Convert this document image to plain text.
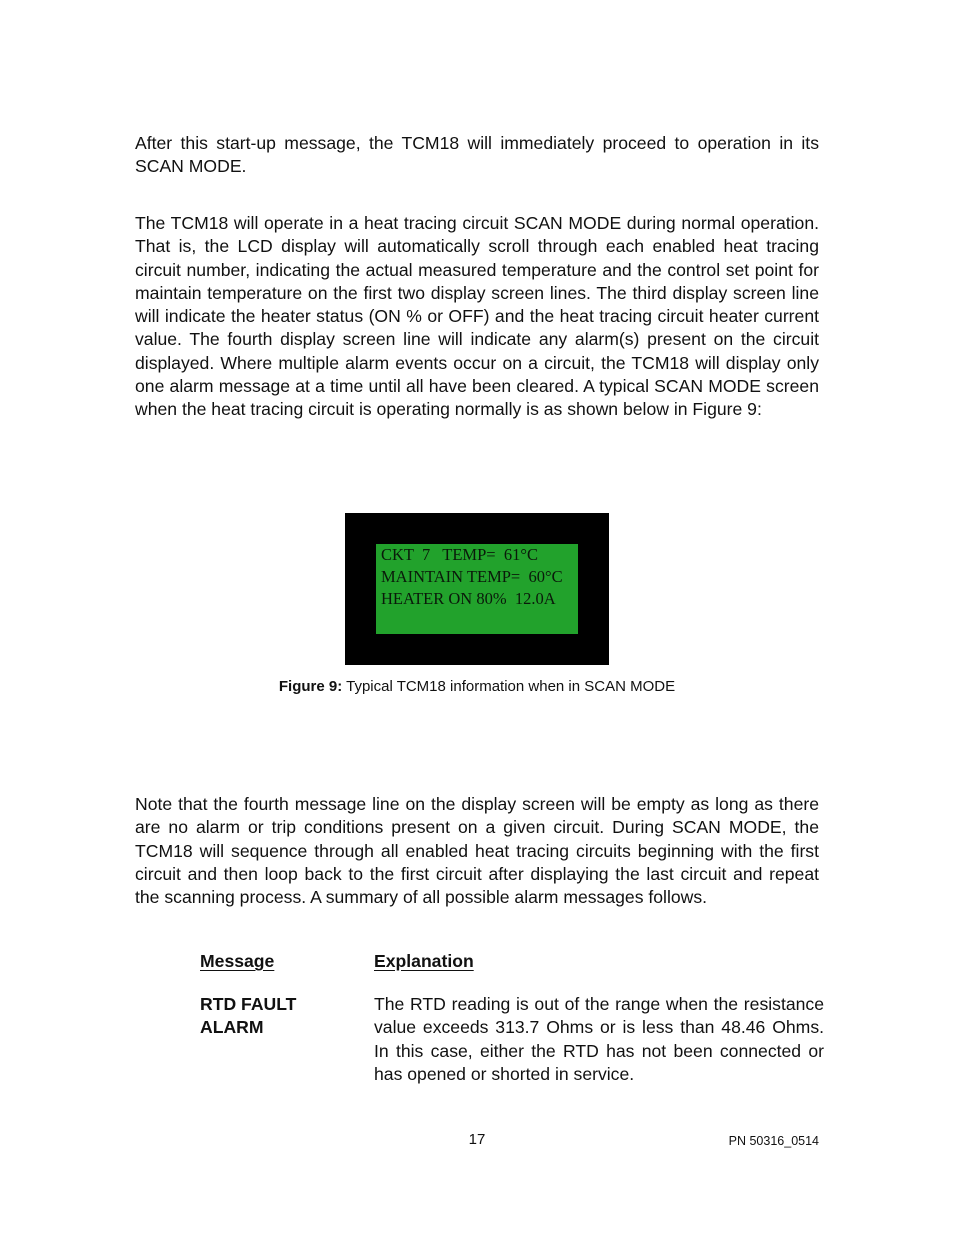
After this start-up message, the TCM18 will immediately proceed to operation in its SCAN MODE.

The TCM18 will operate in a heat tracing circuit SCAN MODE during normal operation. That is, the LCD display will automatically scroll through each enabled heat tracing circuit number, indicating the actual measured temperature and the control set point for maintain temperature on the first two display screen lines. The third display screen line will indicate the heater status (ON % or OFF) and the heat tracing circuit heater current value. The fourth display screen line will indicate any alarm(s) present on the circuit displayed. Where multiple alarm events occur on a circuit, the TCM18 will display only one alarm message at a time until all have been cleared. A typical SCAN MODE screen when the heat tracing circuit is operating normally is as shown below in Figure 9:

CKT  7   TEMP=  61°C
MAINTAIN TEMP=  60°C
HEATER ON 80%  12.0A
Figure 9: Typical TCM18 information when in SCAN MODE

Note that the fourth message line on the display screen will be empty as long as there are no alarm or trip conditions present on a given circuit. During SCAN MODE, the TCM18 will sequence through all enabled heat tracing circuits beginning with the first circuit and then loop back to the first circuit after displaying the last circuit and repeat the scanning process. A summary of all possible alarm messages follows.

Message	Explanation
RTD FAULT
ALARM

The RTD reading is out of the range when the resistance value exceeds 313.7 Ohms or is less than 48.46 Ohms. In this case, either the RTD has not been connected or has opened or shorted in service.

17	PN 50316_0514
